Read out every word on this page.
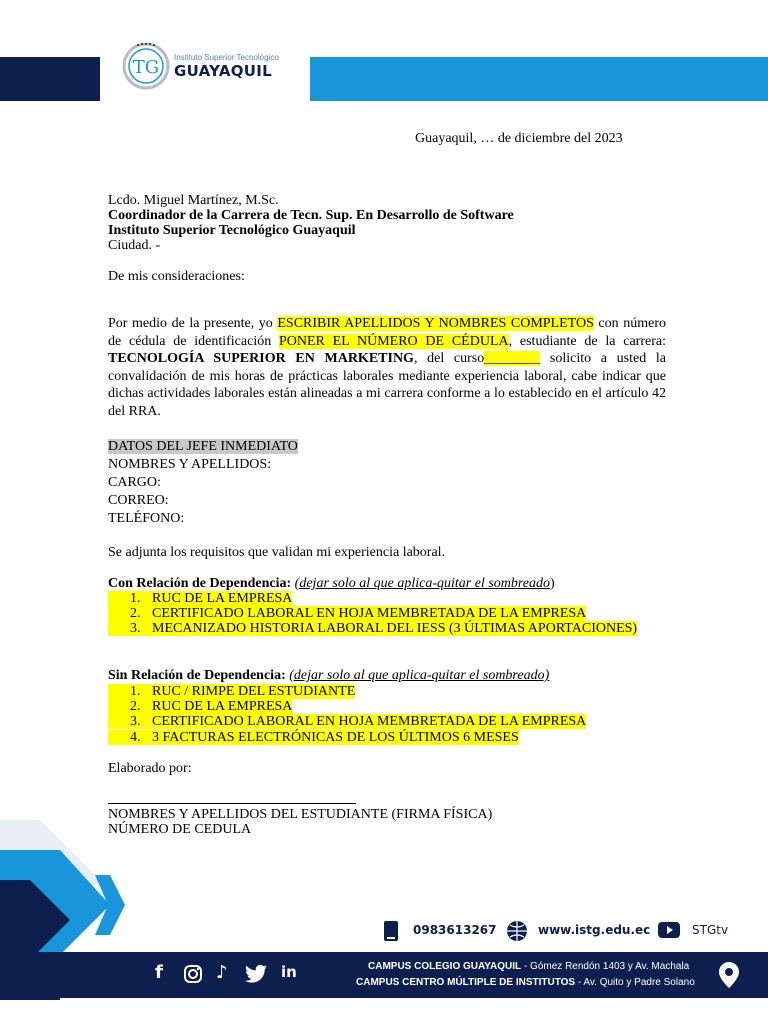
TG Instituto Superior Tecnológico
GUAYAQUIL
Guayaquil, … de diciembre del 2023
Lcdo. Miguel Martínez, M.Sc.
Coordinador de la Carrera de Tecn. Sup. En Desarrollo de Software
Instituto Superior Tecnológico Guayaquil
Ciudad. -
De mis consideraciones:
Por medio de la presente, yo ESCRIBIR APELLIDOS Y NOMBRES COMPLETOS con número de cédula de identificación PONER EL NÚMERO DE CÉDULA, estudiante de la carrera: TECNOLOGÍA SUPERIOR EN MARKETING, del curso________ solicito a usted la convalidación de mis horas de prácticas laborales mediante experiencia laboral, cabe indicar que dichas actividades laborales están alineadas a mi carrera conforme a lo establecido en el artículo 42 del RRA.
DATOS DEL JEFE INMEDIATO
NOMBRES Y APELLIDOS:
CARGO:
CORREO:
TELÉFONO:
Se adjunta los requisitos que validan mi experiencia laboral.
Con Relación de Dependencia: (dejar solo al que aplica-quitar el sombreado)
1. RUC DE LA EMPRESA
2. CERTIFICADO LABORAL EN HOJA MEMBRETADA DE LA EMPRESA
3. MECANIZADO HISTORIA LABORAL DEL IESS (3 ÚLTIMAS APORTACIONES)
Sin Relación de Dependencia: (dejar solo al que aplica-quitar el sombreado)
1. RUC / RIMPE DEL ESTUDIANTE
2. RUC DE LA EMPRESA
3. CERTIFICADO LABORAL EN HOJA MEMBRETADA DE LA EMPRESA
4. 3 FACTURAS ELECTRÓNICAS DE LOS ÚLTIMOS 6 MESES
Elaborado por:
NOMBRES Y APELLIDOS DEL ESTUDIANTE (FIRMA FÍSICA)
NÚMERO DE CEDULA
0983613267	www.istg.edu.ec	STGtv
f	♪	in	CAMPUS COLEGIO GUAYAQUIL - Gómez Rendón 1403 y Av. Machala
CAMPUS CENTRO MÚLTIPLE DE INSTITUTOS - Av. Quito y Padre Solano
